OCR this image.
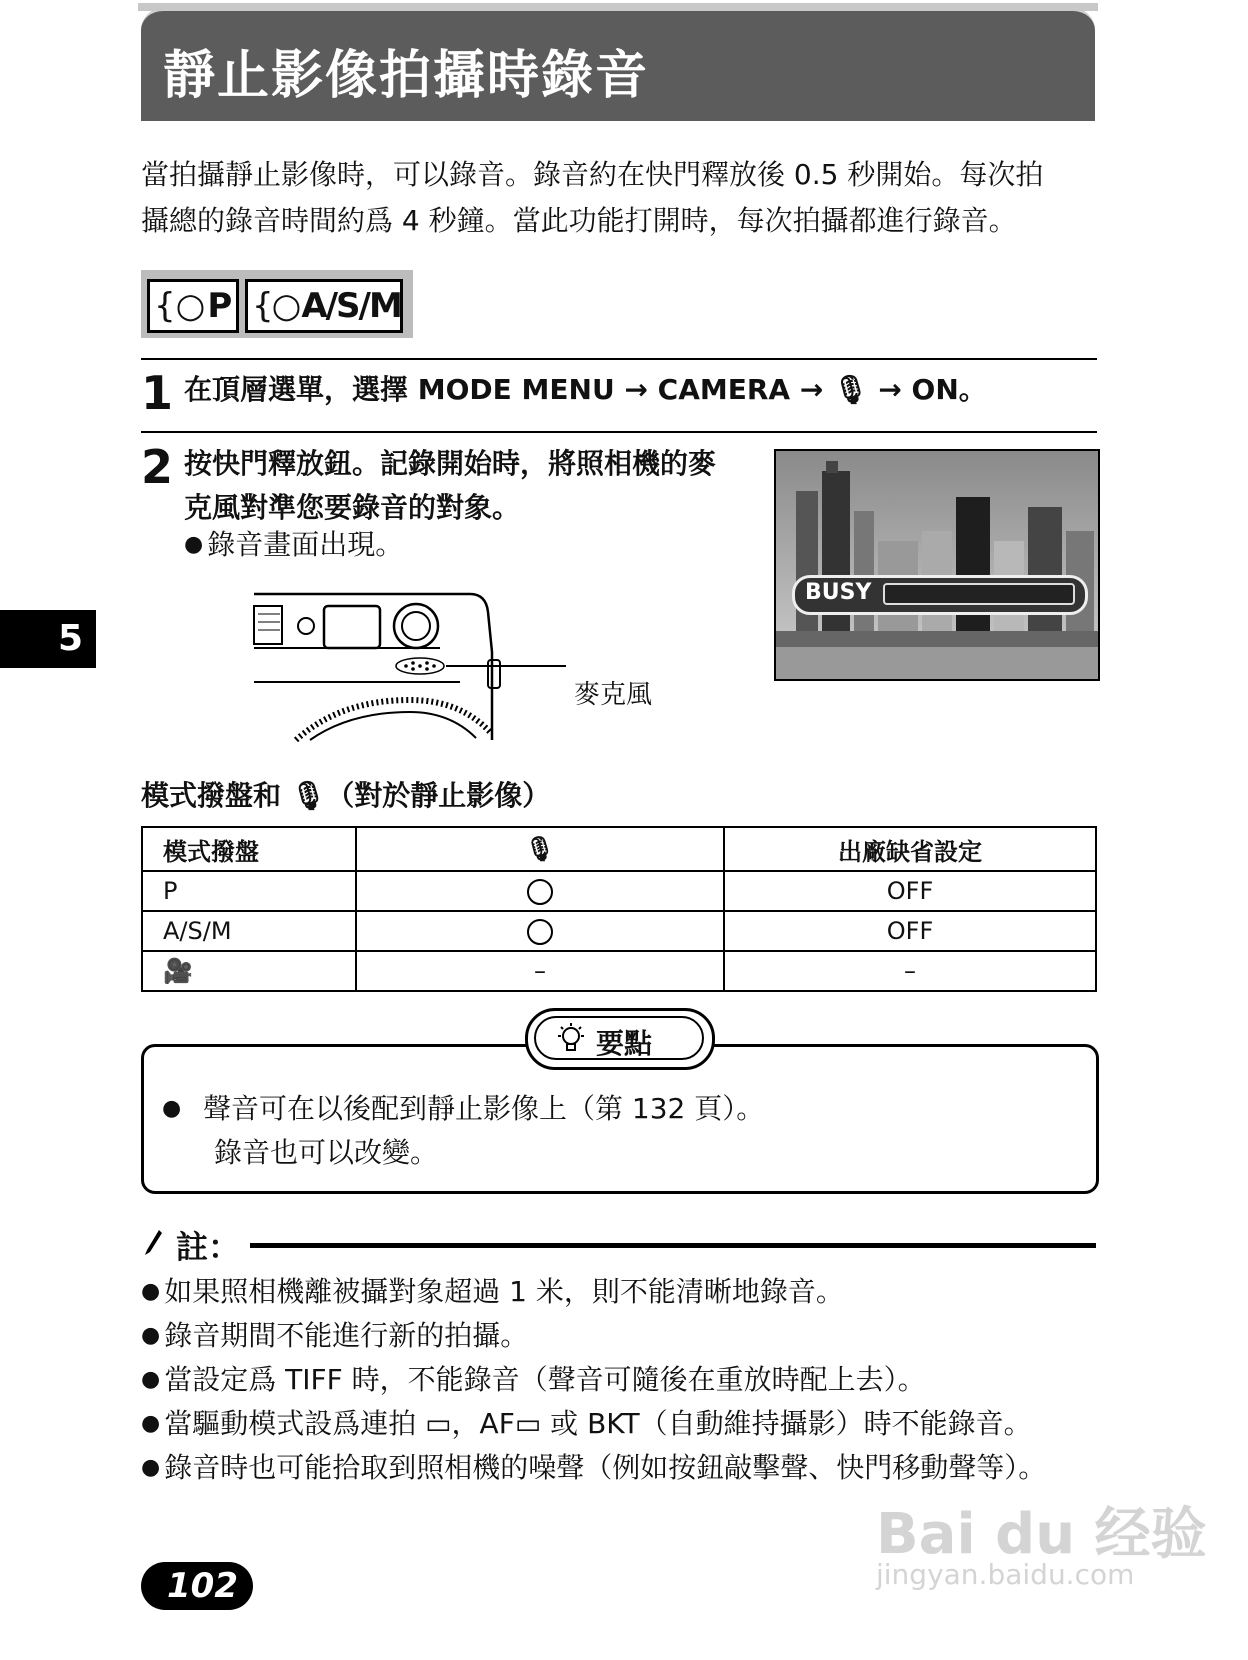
5
靜止影像拍攝時錄音
當拍攝靜止影像時，可以錄音。錄音約在快門釋放後 0.5 秒開始。每次拍
攝總的錄音時間約爲 4 秒鐘。當此功能打開時，每次拍攝都進行錄音。
{○P {○A/S/M
1 在頂層選單，選擇 MODE MENU → CAMERA → 🎙 → ON。
2 按快門釋放鈕。記錄開始時，將照相機的麥
克風對準您要錄音的對象。
● 錄音畫面出現。
麥克風
BUSY
模式撥盤和 🎙（對於靜止影像）
模式撥盤	🎙	出廠缺省設定
P		OFF
A/S/M		OFF
🎥	–	–
● 聲音可在以後配到靜止影像上（第 132 頁）。
錄音也可以改變。
要點
註：
● 如果照相機離被攝對象超過 1 米，則不能清晰地錄音。
● 錄音期間不能進行新的拍攝。
● 當設定爲 TIFF 時，不能錄音（聲音可隨後在重放時配上去）。
● 當驅動模式設爲連拍 ▭，AF▭ 或 BKT（自動維持攝影）時不能錄音。
● 錄音時也可能拾取到照相機的噪聲（例如按鈕敲擊聲、快門移動聲等）。
Bai du 经验
jingyan.baidu.com
102
